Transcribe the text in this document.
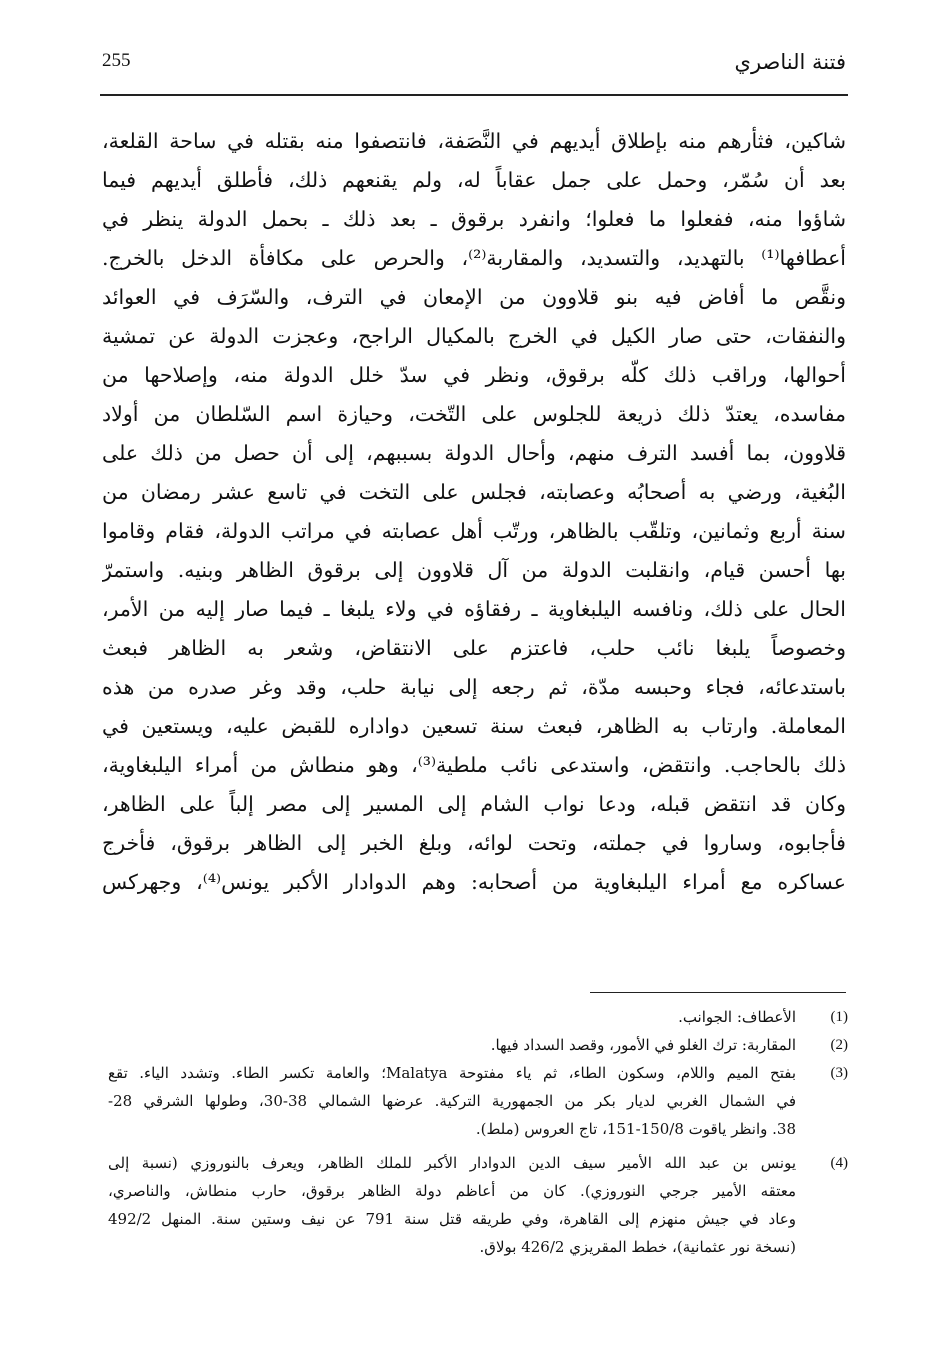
255	فتنة الناصري
شاكين، فثأرهم منه بإطلاق أيديهم في النَّصَفة، فانتصفوا منه بقتله في ساحة القلعة،
بعد أن سُمّر، وحمل على جمل عقاباً له، ولم يقنعهم ذلك، فأطلق أيديهم فيما
شاؤوا منه، ففعلوا ما فعلوا؛ وانفرد برقوق ـ بعد ذلك ـ بحمل الدولة ينظر في
أعطافها⁽¹⁾ بالتهديد، والتسديد، والمقاربة⁽²⁾، والحرص على مكافأة الدخل بالخرج.
ونقَّص ما أفاض فيه بنو قلاوون من الإمعان في الترف، والسّرَف في العوائد
والنفقات، حتى صار الكيل في الخرج بالمكيال الراجح، وعجزت الدولة عن تمشية
أحوالها، وراقب ذلك كلّه برقوق، ونظر في سدّ خلل الدولة منه، وإصلاحها من
مفاسده، يعتدّ ذلك ذريعة للجلوس على التّخت، وحيازة اسم السّلطان من أولاد
قلاوون، بما أفسد الترف منهم، وأحال الدولة بسببهم، إلى أن حصل من ذلك على
البُغية، ورضي به أصحابُه وعصابته، فجلس على التخت في تاسع عشر رمضان من
سنة أربع وثمانين، وتلقّب بالظاهر، ورتّب أهل عصابته في مراتب الدولة، فقام وقاموا
بها أحسن قيام، وانقلبت الدولة من آل قلاوون إلى برقوق الظاهر وبنيه. واستمرّ
الحال على ذلك، ونافسه اليلبغاوية ـ رفقاؤه في ولاء يلبغا ـ فيما صار إليه من الأمر،
وخصوصاً يلبغا نائب حلب، فاعتزم على الانتقاض، وشعر به الظاهر فبعث
باستدعائه، فجاء وحبسه مدّة، ثم رجعه إلى نيابة حلب، وقد وغر صدره من هذه
المعاملة. وارتاب به الظاهر، فبعث سنة تسعين دواداره للقبض عليه، ويستعين في
ذلك بالحاجب. وانتقض، واستدعى نائب ملطية⁽³⁾، وهو منطاش من أمراء اليلبغاوية،
وكان قد انتقض قبله، ودعا نواب الشام إلى المسير إلى مصر إلباً على الظاهر،
فأجابوه، وساروا في جملته، وتحت لوائه، وبلغ الخبر إلى الظاهر برقوق، فأخرج
عساكره مع أمراء اليلبغاوية من أصحابه: وهم الدوادار الأكبر يونس⁽⁴⁾، وجهركس
(1)
الأعطاف: الجوانب.
(2)
المقاربة: ترك الغلو في الأمور، وقصد السداد فيها.
(3)
بفتح الميم واللام، وسكون الطاء، ثم ياء مفتوحة Malatya؛ والعامة تكسر الطاء. وتشدد الياء. تقع
في الشمال الغربي لديار بكر من الجمهورية التركية. عرضها الشمالي 38-30، وطولها الشرقي 28-
38. وانظر ياقوت 150/8-151، تاج العروس (ملط).
(4)
يونس بن عبد الله الأمير سيف الدين الدوادار الأكبر للملك الظاهر، ويعرف بالنوروزي (نسبة إلى
معتقه الأمير جرجي النوروزي). كان من أعاظم دولة الظاهر برقوق، حارب منطاش، والناصري،
وعاد في جيش منهزم إلى القاهرة، وفي طريقه قتل سنة 791 عن نيف وستين سنة. المنهل 492/2
(نسخة نور عثمانية)، خطط المقريزي 426/2 بولاق.
